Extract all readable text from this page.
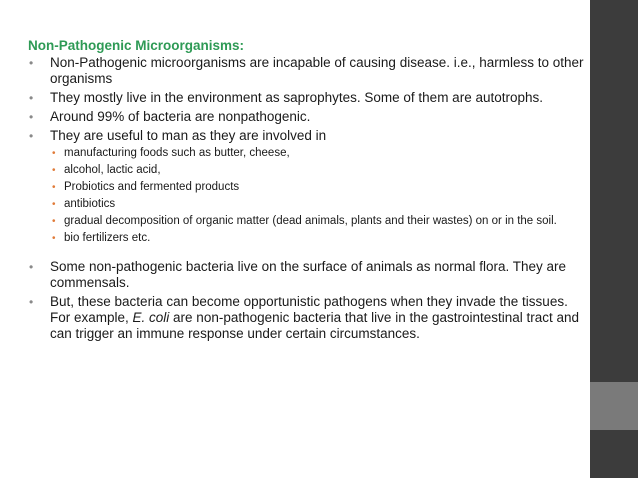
Non-Pathogenic Microorganisms:
• Non-Pathogenic microorganisms are incapable of causing disease. i.e., harmless to other organisms
• They mostly live in the environment as saprophytes. Some of them are autotrophs.
• Around 99% of bacteria are nonpathogenic.
• They are useful to man as they are involved in
• manufacturing foods such as butter, cheese,
• alcohol, lactic acid,
• Probiotics and fermented products
• antibiotics
• gradual decomposition of organic matter (dead animals, plants and their wastes) on or in the soil.
• bio fertilizers etc.
• Some non-pathogenic bacteria live on the surface of animals as normal flora. They are commensals.
• But, these bacteria can become opportunistic pathogens when they invade the tissues. For example, E. coli are non-pathogenic bacteria that live in the gastrointestinal tract and can trigger an immune response under certain circumstances.
